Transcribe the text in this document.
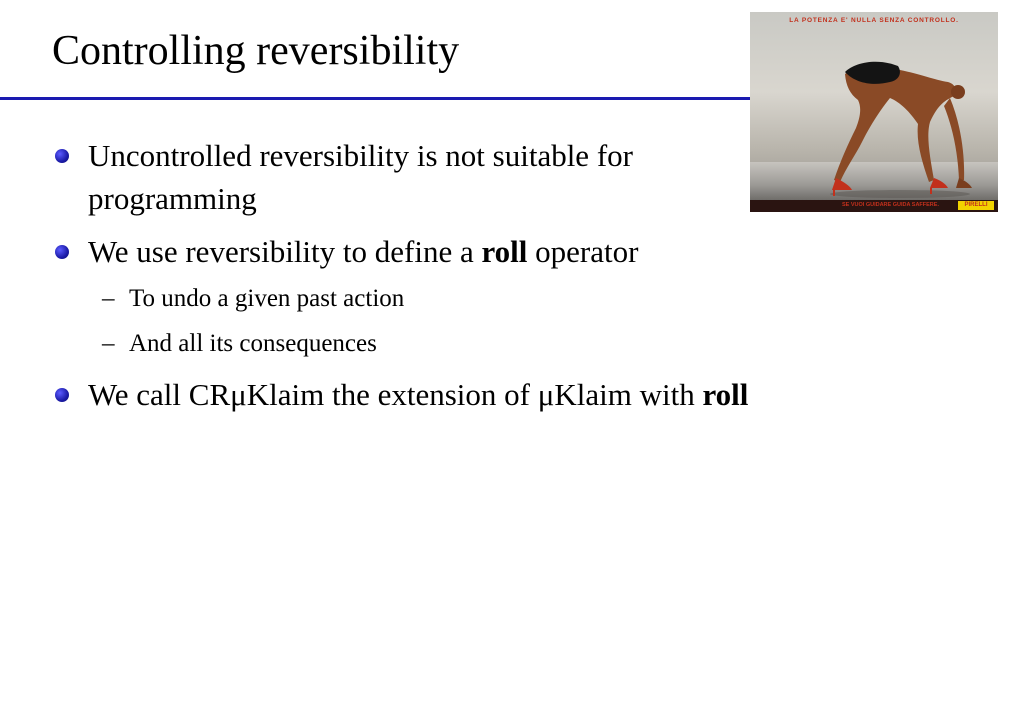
Controlling reversibility
Uncontrolled reversibility is not suitable for
programming
We use reversibility to define a roll operator
– To undo a given past action
– And all its consequences
We call CRμKlaim the extension of μKlaim with roll
LA POTENZA E' NULLA SENZA CONTROLLO.
SE VUOI GUIDARE GUIDA SAFFERE.	PIRELLI
